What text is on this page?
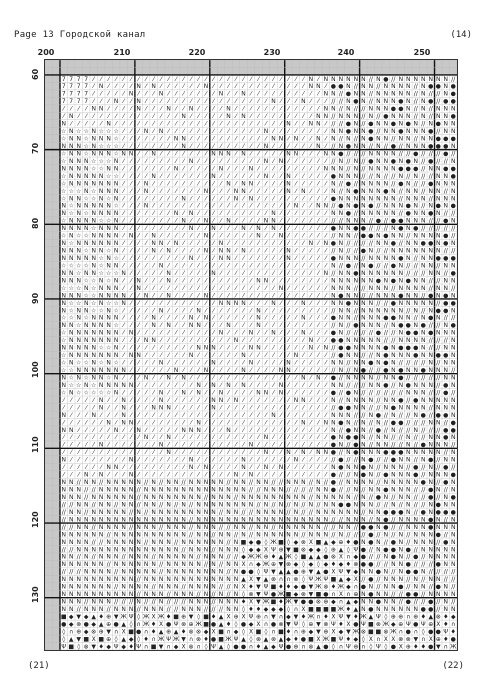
Page 13 Городской канал	(14)
200	210	220	230	240	250
60
70
80
90
100
110
120
130
7 7 7 7 ⁄	⁄	⁄	⁄	⁄	⁄	⁄	⁄	⁄	⁄	⁄	⁄	⁄	⁄	⁄	⁄	⁄	⁄	⁄	⁄	⁄	⁄	⁄	⁄	⁄	⁄	⁄	⁄	⁄ N ⁄ N N N N N N // N ● // N N N N N N N //
7 7 7 7 ⁄ N ⁄	⁄	⁄	⁄ N ⁄ N ⁄	⁄	⁄	⁄	⁄	⁄ N ⁄	⁄	⁄	⁄	⁄	⁄	⁄	⁄	⁄	⁄	⁄	⁄	⁄ N N ⁄ ● ● N // N N // N N N N // N ● ● N ●
7 7 7 7 ⁄	⁄	⁄	⁄	⁄ N ⁄	⁄	⁄ N ⁄	⁄	⁄	⁄	⁄	⁄	⁄ N ⁄	⁄ N ⁄	⁄	⁄	⁄	⁄	⁄	⁄	⁄	⁄	⁄ N N // ● N N // N N N N N // N // // N ●
7 7 7 7 ⁄	⁄	⁄ N ⁄	⁄ N ⁄	⁄	⁄	⁄	⁄	⁄	⁄	⁄	⁄	⁄	⁄	⁄	⁄	⁄	⁄	⁄	⁄ N ⁄	⁄	⁄ N ⁄	⁄	⁄ // // N ● N // N N N ● N // N ● // ● ●
⁄	⁄	⁄	⁄ N N ⁄	⁄	⁄	⁄ N ⁄	⁄	⁄ N ⁄	⁄ N ⁄	⁄	⁄	⁄ N ⁄	⁄	⁄	⁄	⁄	⁄	⁄	⁄	⁄	⁄	⁄	⁄ N N // N // // N N N ● ● N // N // N N N
⁄ N ⁄	⁄	⁄	⁄	⁄	⁄	⁄	⁄	⁄	⁄	⁄	⁄	⁄	⁄ N ⁄	⁄	⁄	⁄	⁄ N ⁄ N ⁄	⁄	⁄	⁄	⁄	⁄	⁄	⁄	⁄ N N // N N N // N // ● N N N // N // N N ●
N ⁄	⁄	⁄	⁄	⁄ N ⁄	⁄	⁄	⁄	⁄	⁄	⁄	⁄	⁄	⁄	⁄	⁄	⁄	⁄	⁄	⁄	⁄	⁄	⁄	⁄	⁄	⁄	⁄ N ⁄	⁄ N N ⁄ // // ● N // ● N N ● N ● N // N ● N N
☆ N ☆ ☆ N ☆ ☆ ☆ ⁄	⁄	⁄ N ⁄ N ⁄	⁄	⁄	⁄	⁄	⁄	⁄	⁄	⁄	⁄	⁄	⁄	⁄ N ⁄	⁄	⁄	⁄	⁄	⁄	⁄	⁄ N N ● N N ● // N N ● N N N ● // N N
☆ N N ☆ N N N ☆ ⁄	⁄	⁄	⁄	⁄	⁄	⁄ N N ⁄	⁄	⁄	⁄	⁄	⁄	⁄	⁄	⁄	⁄	⁄ N N ⁄ N ⁄	⁄ N ⁄ N // N // N ● N N // N N // N N ● ● ●
N N N ☆ N ☆ ☆ ☆ ⁄	⁄	⁄	⁄	⁄	⁄	⁄	⁄ N ⁄	⁄	⁄	⁄	⁄	⁄	⁄	⁄	⁄	⁄ N ⁄	⁄	⁄	⁄	⁄	⁄ N ⁄ // N ● N N // N // ● // N N N ● ● ● N
☆ N N ☆ N N N ☆ N N ⁄	⁄ N ⁄	⁄	⁄	⁄	⁄	⁄	⁄ N N N ⁄ N ⁄	⁄	⁄	⁄	⁄ N N ⁄	⁄	⁄ N N ● // // // N N N N // // ● // // // ● //
☆ N N N ☆ ☆ ☆ N ⁄	⁄	⁄	⁄	⁄	⁄	⁄	⁄	⁄ N ⁄	⁄	⁄	⁄	⁄	⁄	⁄	⁄	⁄ N ⁄ N ⁄	⁄	⁄	⁄	⁄	⁄ // N // N // ● N N ● N ● N // ● // // N
N N N N ☆ ☆ N N ⁄	⁄	⁄	⁄	⁄	⁄	⁄ N ⁄	⁄	⁄	⁄	⁄ N ⁄	⁄	⁄ N ⁄	⁄	⁄	⁄	⁄	⁄	⁄	⁄	⁄ N N N // N // N N N N ● ● ● // N N ● ●
☆ N N N N N ☆ ☆ ⁄	⁄	⁄	⁄ N ⁄	⁄	⁄	⁄	⁄	⁄	⁄ N ⁄	⁄	⁄	⁄	⁄	⁄ N ⁄	⁄ N ⁄	⁄	⁄	⁄	⁄ ● N N N // // N // // N // N // // N N ●
☆ N N N N N N N ⁄	⁄	⁄ N ⁄	⁄	⁄	⁄	⁄	⁄	⁄	⁄	⁄	⁄ N ⁄ N N ⁄	⁄	⁄	⁄ N ⁄	⁄	⁄	⁄	⁄ N // ● // N N N N // ● N // // ● N N N
☆ ☆ ☆ N ☆ N N N ⁄	⁄	⁄ N ⁄	⁄	⁄	⁄	⁄	⁄	⁄ N ⁄	⁄	⁄ N N ⁄	⁄	⁄	⁄	⁄ N ⁄ N ⁄	⁄	⁄ N // N ● N N N ● N // N N // N N // N
☆ N N ☆ ☆ N ☆ N ⁄	⁄	⁄	⁄	⁄	⁄	⁄	⁄ N ⁄	⁄	⁄	⁄	⁄	⁄ N ⁄ N ⁄	⁄	⁄	⁄	⁄	⁄	⁄	⁄	⁄	⁄ ● N N N N N N N N // N N N // N N N
N ☆ N N N N N ☆ ⁄	⁄	⁄ N ⁄	⁄	⁄	⁄	⁄	⁄	⁄	⁄	⁄	⁄	⁄	⁄	⁄	⁄	⁄	⁄	⁄	⁄	⁄ N ⁄	⁄ N N // ● N ● N ● // N N N ● N // N ● N ●
N ☆ N ☆ N N N N ⁄	⁄	⁄	⁄	⁄	⁄	⁄ N ⁄ N ⁄	⁄	⁄	⁄	⁄	⁄	⁄	⁄	⁄	⁄ N ⁄	⁄	⁄	⁄	⁄	⁄	⁄ N N ● // N N N N N // ● N N ● N // //
☆ N N N N ☆ ☆ N ⁄	⁄	⁄	⁄	⁄	⁄	⁄	⁄ N ⁄	⁄ N ⁄	⁄ N ⁄	⁄	⁄	⁄ N N ⁄	⁄	⁄	⁄	⁄	⁄	⁄ // // N N N // ● // ● ● N N N // // ● N
N N N N ☆ N N N ⁄	⁄	⁄	⁄	⁄	⁄	⁄	⁄	⁄ N ⁄	⁄ N ⁄	⁄	⁄ N ⁄ N ⁄ N ⁄	⁄	⁄	⁄	⁄	⁄	⁄ ● N N ● ● // // // N ● N ● // // // // //
☆ N ☆ ☆ N N N N ⁄ N ⁄	⁄ N ⁄	⁄	⁄	⁄	⁄	⁄ N ⁄	⁄	⁄	⁄	⁄	⁄ N ⁄	⁄ N ⁄	⁄	⁄	⁄	⁄	⁄ // N N // ● ● N ● N N // N N N N ● //
N ☆ N N N N N N ⁄	⁄	⁄	⁄ N N ⁄ N ⁄	⁄	⁄	⁄	⁄ N ⁄	⁄	⁄	⁄	⁄	⁄	⁄	⁄	⁄	⁄	⁄ N ⁄ N ● N // // // // N N ● // N N ● ● N ● N
N N N ☆ N N ☆ N ⁄	⁄	⁄	⁄ N ⁄ N ⁄	⁄	⁄	⁄ N ⁄ N N ⁄ N ⁄	⁄	⁄	⁄	⁄ N ⁄	⁄	⁄	⁄	⁄ // N // // ● N // // N N N N N N N // //
N N N N N ☆ N ☆ ⁄	⁄	⁄	⁄	⁄	⁄	⁄	⁄	⁄ N ⁄	⁄	⁄ N N ⁄	⁄	⁄	⁄	⁄	⁄	⁄ N ⁄	⁄	⁄	⁄	⁄ ● N N N // N N N N ● N // N N ● ● ●
☆ ☆ ☆ ☆ N ☆ N N ⁄	⁄	⁄	⁄	⁄ N ⁄	⁄	⁄	⁄	⁄	⁄	⁄	⁄	⁄	⁄	⁄	⁄	⁄	⁄	⁄	⁄	⁄	⁄	⁄	⁄	⁄	⁄ N // ● // N ● // // ● N // // N N // N N
N N ☆ N N ☆ ☆ ☆ N ⁄	⁄	⁄	⁄	⁄ N ⁄	⁄	⁄	⁄	⁄ N ⁄	⁄	⁄	⁄	⁄	⁄	⁄	⁄	⁄	⁄	⁄	⁄	⁄	⁄ N // N N ● N N N N N N // // // N N // ●
N N N ☆ ☆ N ☆ N ⁄	⁄ N ⁄	⁄	⁄ N ⁄	⁄	⁄	⁄	⁄	⁄	⁄	⁄	⁄	⁄	⁄ N N ⁄	⁄	⁄	⁄	⁄	⁄	⁄	⁄ N N N N N N ● N ● N ● N N // // N N
☆ ☆ ☆ N ☆ N N N ⁄	⁄ N ⁄	⁄	⁄	⁄	⁄	⁄	⁄	⁄	⁄	⁄	⁄	⁄	⁄	⁄	⁄	⁄	⁄	⁄ N ⁄	⁄	⁄	⁄	⁄	⁄ N N N // // N N N // N N N N // N N //
N N N ☆ ☆ N N N N ⁄	⁄ N ⁄	⁄ N ⁄	⁄	⁄	⁄ N ⁄	⁄	⁄	⁄	⁄	⁄	⁄	⁄	⁄	⁄	⁄	⁄	⁄	⁄	⁄	⁄ N ● N N // // N N N ● N N // ● N ● N
N ☆ ☆ N ☆ N ☆ ☆ N ⁄	⁄	⁄	⁄	⁄	⁄	⁄	⁄	⁄	⁄	⁄	⁄ N N N N ⁄	⁄	⁄ N ⁄	⁄	⁄ N ⁄	⁄	⁄ N N ● N N N // // ● N N N N N // ● ●
N ☆ N N ☆ ☆ N ☆ ⁄	⁄	⁄	⁄	⁄ N ⁄	⁄	⁄	⁄ N ⁄	⁄	⁄	⁄	⁄	⁄	⁄ N ⁄	⁄	⁄	⁄	⁄	⁄	⁄	⁄	⁄ // N N // N N N N N N // N // N ● ● N
☆ ☆ N ☆ N N N N ⁄	⁄	⁄	⁄ N ⁄	⁄	⁄	⁄ N ⁄ N ⁄	⁄	⁄	⁄	⁄	⁄ N ⁄	⁄	⁄	⁄	⁄ N ⁄	⁄	⁄ ● N N // N N N ● ● N N // N ● N // //
N N ☆ N N N N ☆ ⁄	⁄	⁄	⁄ N ⁄ N ⁄	⁄ N N ⁄	⁄	⁄ N ⁄	⁄	⁄ N ⁄	⁄	⁄	⁄	⁄	⁄	⁄	⁄	⁄ // N // ● N N N // N ● ● N ● // // N ●
☆ N N N N N N N ⁄ N ⁄	⁄	⁄	⁄	⁄	⁄	⁄	⁄	⁄	⁄	⁄ N ⁄	⁄	⁄ N ⁄	⁄ N ⁄	⁄	⁄ N ⁄	⁄	⁄ ● N // // // // ● // // N ● ● N ● N N N
☆ N N N N N N N ⁄	⁄	⁄ N N ⁄	⁄	⁄	⁄	⁄	⁄	⁄	⁄	⁄	⁄ N ⁄	⁄	⁄	⁄	⁄	⁄	⁄	⁄	⁄ N ⁄	⁄ ● ● N N N N N // // N N N N // // // N
N N N N N ☆ ☆ N ⁄	⁄	⁄	⁄	⁄	⁄	⁄	⁄	⁄	⁄ N N N ⁄	⁄	⁄	⁄ N N ⁄	⁄	⁄	⁄	⁄	⁄ N ⁄ N // ● ● N N N N ● N ● ● ● N // // N N
☆ N N N N N N N ⁄ N N ⁄	⁄	⁄	⁄	⁄	⁄ N ⁄	⁄	⁄	⁄	⁄	⁄ N ⁄	⁄	⁄	⁄	⁄	⁄ N ⁄	⁄	⁄	⁄ // ● N N // // N ● N N N ● N N ● ● N
☆ N ☆ ☆ N ☆ N ☆ ⁄	⁄	⁄	⁄	⁄ N ⁄	⁄	⁄	⁄	⁄	⁄ N ⁄	⁄	⁄	⁄ N ⁄	⁄	⁄	⁄ N ⁄	⁄	⁄	⁄	⁄ N N // N N ● N ● N // // // // N // N N
☆ ☆ N N N N N N N ⁄	⁄	⁄	⁄	⁄	⁄ N ⁄	⁄	⁄ N ⁄	⁄	⁄	⁄ N ⁄	⁄	⁄	⁄ N N ⁄	⁄	⁄	⁄	⁄ // N // N ● // // ● N ● N N ● N N N //
N ☆ N ☆ N N ☆ N ⁄	⁄	⁄ N ⁄	⁄ N ⁄ N ⁄	⁄	⁄	⁄	⁄	⁄	⁄	⁄	⁄	⁄	⁄	⁄	⁄	⁄	⁄ N ⁄ N ⁄ ● // N N N N // N N ● // // // // // N N
N ☆ ☆ N ☆ N N N N N ⁄	⁄	⁄	⁄	⁄	⁄	⁄	⁄ N ⁄ N ⁄ N ⁄ N ⁄	⁄	⁄	⁄ N ⁄	⁄	⁄	⁄	⁄	⁄ N N // // // N N ● // N ● N N N // ● N
☆ N ☆ ☆ ☆ ☆ ☆ N ⁄	⁄	⁄	⁄	⁄ N ⁄	⁄ N ⁄ N ⁄	⁄ N ⁄	⁄	⁄	⁄ N N ⁄ N ⁄	⁄	⁄	⁄	⁄	⁄ ● // ● N // // // // // // N N N // // ● //
⁄	⁄	⁄	⁄	⁄ N ⁄	⁄ N ⁄	⁄	⁄	⁄ N ⁄	⁄	⁄	⁄	⁄	⁄ N N ⁄ N ⁄	⁄	⁄	⁄	⁄	⁄	⁄ N N ⁄	⁄	⁄ N // N N N N // N N ● // ● N N N N N
⁄	⁄	⁄	⁄	⁄ N ⁄	⁄ N ⁄	⁄	⁄ N N N ⁄	⁄	⁄	⁄	⁄ N ⁄	⁄	⁄	⁄	⁄	⁄	⁄	⁄	⁄	⁄	⁄	⁄	⁄	⁄	⁄ // ● ● N N // // N ● N N N N // N N N
N ⁄	⁄	⁄ N ⁄	⁄	⁄ N ⁄	⁄	⁄	⁄	⁄	⁄	⁄	⁄	⁄	⁄	⁄	⁄	⁄	⁄	⁄	⁄	⁄	⁄	⁄ N ⁄	⁄	⁄	⁄	⁄	⁄	⁄ N N N // // N ● // N // // N ● // ● ● N
⁄	⁄	⁄	⁄	⁄	⁄ N ⁄ N N ⁄	⁄	⁄	⁄	⁄	⁄	⁄	⁄ N ⁄	⁄	⁄	⁄	⁄	⁄	⁄	⁄	⁄	⁄	⁄	⁄	⁄ N ⁄	⁄ N N ● N // N // N // ● ● // // // N N // ●
N N ⁄	⁄	⁄	⁄	⁄ N ⁄	⁄ N ⁄	⁄	⁄	⁄	⁄ N N N ⁄	⁄	⁄ N ⁄	⁄	⁄	⁄	⁄	⁄	⁄	⁄	⁄	⁄	⁄	⁄	⁄ N // ● N N // ● // N // // N // // // ● ●
⁄	⁄	⁄	⁄	⁄	⁄	⁄	⁄	⁄	⁄	⁄ N ⁄	⁄ N ⁄	⁄	⁄	⁄	⁄	⁄	⁄	⁄	⁄	⁄	⁄	⁄ N ⁄	⁄	⁄	⁄	⁄	⁄	⁄	⁄ ● N ● ● N // N N // // N // // N N ● N
⁄	⁄	⁄	⁄	⁄ N ⁄	⁄	⁄	⁄	⁄	⁄	⁄ N ⁄	⁄	⁄	⁄	⁄	⁄	⁄	⁄	⁄	⁄	⁄ N ⁄	⁄	⁄	⁄	⁄	⁄	⁄	⁄	⁄	⁄ ● N // ● N // N N // // N // ● N N N //
⁄	⁄	⁄	⁄	⁄	⁄	⁄	⁄	⁄	⁄	⁄	⁄	⁄	⁄ N ⁄	⁄	⁄	⁄	⁄	⁄	⁄	⁄	⁄	⁄	⁄	⁄ N ⁄	⁄ N ⁄ N ⁄ N N ● // N ● N N N ● ● ● N N N N N // N
N ⁄	⁄	⁄	⁄	⁄	⁄	⁄	⁄ N ⁄	⁄	⁄	⁄	⁄	⁄	⁄ N ⁄	⁄	⁄	⁄	⁄	⁄ N ⁄	⁄	⁄	⁄	⁄	⁄ N ⁄	⁄	⁄	⁄ // ● // // N ● // // ● N N // N ● // N N
⁄	⁄	⁄	⁄	⁄	⁄ N N ⁄	⁄	⁄	⁄	⁄	⁄	⁄	⁄	⁄ N ⁄ N ⁄	⁄	⁄	⁄ N ⁄	⁄ N ⁄ N ⁄	⁄	⁄	⁄	⁄	⁄ N ● N N ● N // N N N // ● // N // ● //
⁄	⁄	⁄ N ⁄ N ⁄	⁄	⁄ N ⁄	⁄	⁄	⁄	⁄	⁄	⁄	⁄	⁄	⁄	⁄	⁄	⁄ N ⁄ N ⁄	⁄	⁄	⁄	⁄	⁄	⁄	⁄	⁄	⁄ ● // // N ● N // ● N N N ● // N N N ●
N N // N N // N N N N N // N // N N // N N N N N // N N // N N // // N N N // N // ● // N N N N // N N N N N ● N // ● N
N N N // // N N N N N // N N N N N N N N N N N N N N // // N N N // // // // N N ● // // N // N N ● N N N // // ● N // N
N N N // N N N N N N // N N N N N N N N // N N N // N N N N N N N N N // N N N N N // N // ● N // N N // // ● // N ●
// // N N // N N // N N // N N // N // N // N N N N N N N N // N // N // N // N // N N ● ● N N N // // N // N // // N ● N N
// N N // N N N N N // N // N N N N N N N N N // N N // // N N N N // N // // N N N N N N // N N ● ● ● N // ● N ● ● ●
// N N N N N N N N N N N N N N N N // N N N N N N N N N N N N N N N N N N // // N N N // N ● // N N N N ● N // N
// // N N // N N N N // N N N // N N N // N N N // // N N // N N // N N N N N N // // N N // ● ● N ● // // N N N ● N N N
N N N N N N // N N N N N N N N N N // N N // N N // N // N N N N N N // N N N // N // // // ● // N // N // N N N ● // N
N N N N // // N N N N N // N N N // N N N N N N // N ■ ◆ ● ◊ Ж ■ ◊ ◆ ⊗ X ■ ▲ ◆ ⊕ ♦ ● N ● N // ● N // N N N // ● N
// // N N N N N N N N N N N N N N // N N N // N N N ◊ ◆ ◆ X Ψ ⊕ ▼ ■ ⊗ ◆ ◆ ◊ ⊕ ▲ ◊ Ψ ● // N ● ● N ● // N N N N N
N N // N // N N N // N N N // N N N N N // N N N // // ◆ Ж Ж ⊕ ♦ ▲ Ж ◊ ■ ▲ ▲ ● ⊗ X ∩ ◆ ● // // N ● N // ● // N N N N
N N N N N N // N N N N N N // N N N N N // N // N N X ∩ ◆ Ж ⊕ ▼ ⊗ ◆ ◊ ◆ ◊ ◆ ♦ ◆ ♦ ⊗ ● ● // // N N ● // // // ● N N
// // // N N N N // N N N N N // N N N N N N N N // N ● ● ◊ Ψ ▼ ▲ ▲ ● ⊕ ▼ ▲ ● X Ψ ▼ ◆ N N ● N // N ● ● N // // // //
N N N N N N N N N N // N N N N N N N N N N N N N ▲ X ▼ ▲ ⊗ ∩ ∩ ⊗ ◊ Ψ Ж Ψ ■ ▲ ◆ X // ● // N N N // N // N N // //
N N N N N N N // N N N N // N N N // N N N N // // N X ♦ ▼ Ψ ■ ♦ ♦ ◆ ● ▼ Ж ⊗ ♦ Ж ◆ ∩ ● N // N N ● // N N // ● N //
N N N N N N N N N N // N N N // N N N // N // N // N ◊ ⊗ ▼ Ψ ● Ж ■ ◆ ⊗ ▼ ■ ● ∩ X ∩ ⊕ N ● N N // // ● ● // N N N N
N N N // N N N // // // N // // N // // // N N N // N N N ♦ X ▼ Ж ■ ♦ Ж ▼ ● ● ⊗ ⊕ ◆ ∩ ▲ ◆ N N ● N N // ● // // ● // N //
N N // N N N // N N N // N N N // // N N N // // // N N ◊ ♦ ♦ ◆ ◆ ◆ ◊ ∩ X ■ ■ ■ ■ Ж ♦ ▲ N ● N N N N N N ● ● // N N
■ ◆ ▼ ◆ ▲ ♦ ⊕ ▼ Ж Ψ ◊ Ж X Ж ♦ ■ ⊕ ▼ ◊ ■ ♦ ▲ X ⊕ X Ψ ⊕ ∩ ▼ ∩ ◆ ▼ ♦ Ж ∩ ♦ X Ψ ▼ ♦ Ж ▲ Ψ ◊ ⊕ ⊕ ∩ ⊕ ♦ ▲ ⊗ ♦ ◆
● ◆ ⊗ ● ◆ ▲ ⊕ ● ▲ ◊ ∩ Ж ♦ X ● Ψ ⊗ ⊕ Ж ■ ● ▲ ♦ ◊ ● ◆ X ∩ ● ⊗ ▼ Ψ ◊ ⊕ ▼ ⊗ Ψ ♦ X ● Ψ ■ ⊗ Ж ◆ ⊕ Ψ ● Ψ ⊕ X ♦ ∩
◊ ∩ ⊕ ◆ ⊗ ⊕ ▼ ∩ X ■ ● ∩ ♦ ▲ ⊕ ▲ ♦ ⊗ ⊗ ◆ X ■ ∩ ◆ ◊ X ■ ◊ ∩ ■ ♦ ∩ ⊕ ◆ ▼ ⊕ X ◆ ▼ Ж ⊗ ■ ■ ⊗ Ж ∩ ● ∩ ◊ ● ● Ψ ♦
◊ ▲ ▼ ■ X ■ ⊕ ◊ ▲ ◆ ◊ ♦ ∩ Ж Ψ Ж ▼ ∩ ⊗ ♦ ● ■ Ж Ψ ▲ ◊ ⊗ ▲ ⊗ ▲ ◆ ♦ ● ■ X Ж ■ Ψ ♦ ◆ ◊ X ∩ X X ⊗ ⊗ ▼ ∩ X ⊕ ♦ ●
Ψ ■ ◊ ⊗ ▼ ♦ ◆ Ψ ◆ ♦ Ψ ∩ ■ ▼ ∩ ◆ X ⊗ ∩ ◊ Ψ ▲ ◊ ● ● ∩ ♦ ▲ ◆ Ψ ● ⊕ ∩ ⊗ ▲ ● ◊ ∩ Ψ ⊕ ∩ ◊ Ψ ◊ ● X ⊕ ♦ ♦ ● ▼ ∩ Ж
(21)	(22)
